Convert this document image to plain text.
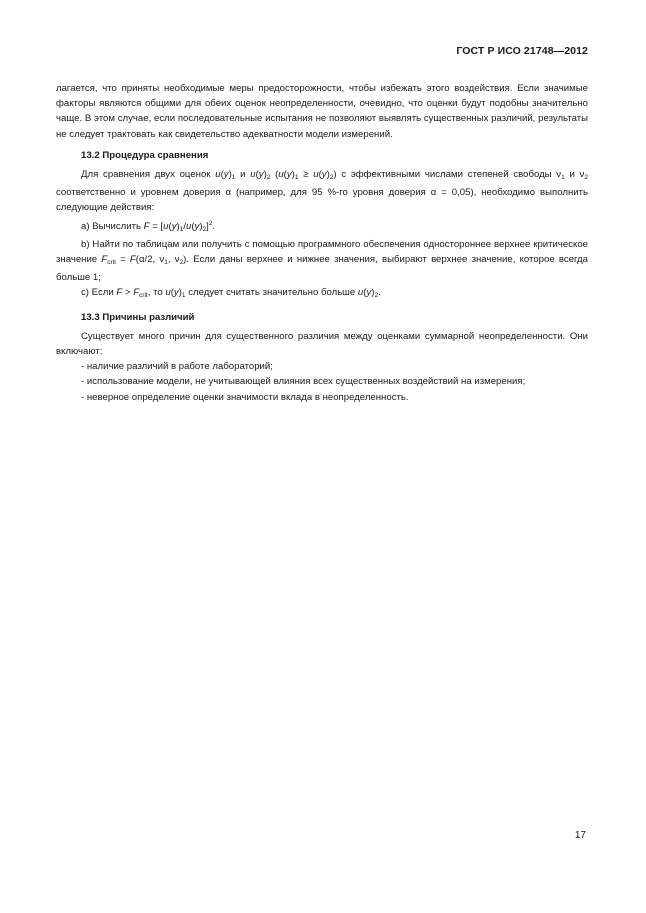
ГОСТ Р ИСО 21748—2012

лагается, что приняты необходимые меры предосторожности, чтобы избежать этого воздействия. Если значимые факторы являются общими для обеих оценок неопределенности, очевидно, что оценки будут подобны значительно чаще. В этом случае, если последовательные испытания не позволяют выявлять существенных различий, результаты не следует трактовать как свидетельство адекватности модели измерений.

13.2 Процедура сравнения

Для сравнения двух оценок $u(y)_1$ и $u(y)_2$ $(u(y)_1 \ge u(y)_2)$ с эффективными числами степеней свободы $\nu_1$ и $\nu_2$ соответственно и уровнем доверия α (например, для 95 %-го уровня доверия α = 0,05), необходимо выполнить следующие действия:

a) Вычислить $F = [u(y)_1/u(y)_2]^2$.

b) Найти по таблицам или получить с помощью программного обеспечения одностороннее верхнее критическое значение $F_{crit} = F(\alpha/2$, $\nu_1$, $\nu_2$). Если даны верхнее и нижнее значения, выбирают верхнее значение, которое всегда больше 1;

c) Если $F > F_{crit}$, то $u(y)_1$ следует считать значительно больше $u(y)_2$.

13.3 Причины различий

Существует много причин для существенного различия между оценками суммарной неопределенности. Они включают:

- наличие различий в работе лабораторий;

- использование модели, не учитывающей влияния всех существенных воздействий на измерения;

- неверное определение оценки значимости вклада в неопределенность.

17
